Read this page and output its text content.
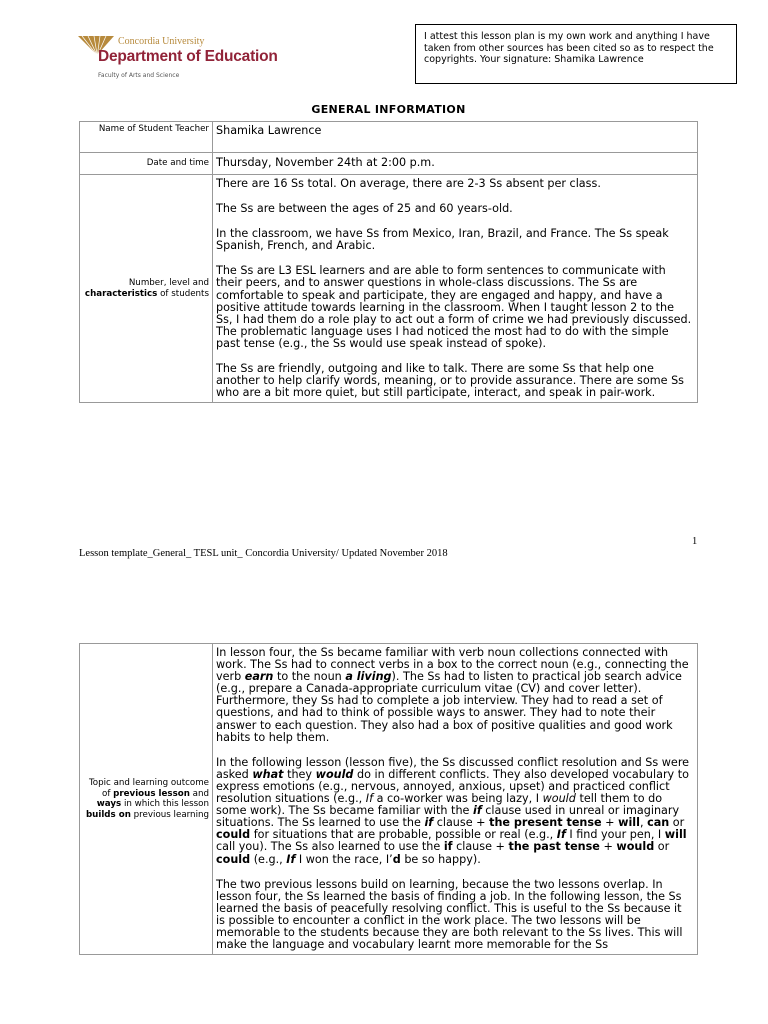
Concordia University
Department of Education
Faculty of Arts and Science
I attest this lesson plan is my own work and anything I have taken from other sources has been cited so as to respect the copyrights. Your signature: Shamika Lawrence
GENERAL INFORMATION
Name of Student Teacher	Shamika Lawrence
Date and time	Thursday, November 24th at 2:00 p.m.
Number, level and characteristics of students	There are 16 Ss total. On average, there are 2-3 Ss absent per class.

The Ss are between the ages of 25 and 60 years-old.

In the classroom, we have Ss from Mexico, Iran, Brazil, and France. The Ss speak Spanish, French, and Arabic.

The Ss are L3 ESL learners and are able to form sentences to communicate with their peers, and to answer questions in whole-class discussions. The Ss are comfortable to speak and participate, they are engaged and happy, and have a positive attitude towards learning in the classroom. When I taught lesson 2 to the Ss, I had them do a role play to act out a form of crime we had previously discussed. The problematic language uses I had noticed the most had to do with the simple past tense (e.g., the Ss would use speak instead of spoke).

The Ss are friendly, outgoing and like to talk. There are some Ss that help one another to help clarify words, meaning, or to provide assurance. There are some Ss who are a bit more quiet, but still participate, interact, and speak in pair-work.

1
Lesson template_General_ TESL unit_ Concordia University/ Updated November 2018
Topic and learning outcome of previous lesson and ways in which this lesson builds on previous learning	

In lesson four, the Ss became familiar with verb noun collections connected with work. The Ss had to connect verbs in a box to the correct noun (e.g., connecting the verb earn to the noun a living). The Ss had to listen to practical job search advice (e.g., prepare a Canada-appropriate curriculum vitae (CV) and cover letter). Furthermore, they Ss had to complete a job interview. They had to read a set of questions, and had to think of possible ways to answer. They had to note their answer to each question. They also had a box of positive qualities and good work habits to help them.

In the following lesson (lesson five), the Ss discussed conflict resolution and Ss were asked what they would do in different conflicts. They also developed vocabulary to express emotions (e.g., nervous, annoyed, anxious, upset) and practiced conflict resolution situations (e.g., If a co-worker was being lazy, I would tell them to do some work). The Ss became familiar with the if clause used in unreal or imaginary situations. The Ss learned to use the if clause + the present tense + will, can or could for situations that are probable, possible or real (e.g., If I find your pen, I will call you). The Ss also learned to use the if clause + the past tense + would or could (e.g., If I won the race, I’d be so happy).

The two previous lessons build on learning, because the two lessons overlap. In lesson four, the Ss learned the basis of finding a job. In the following lesson, the Ss learned the basis of peacefully resolving conflict. This is useful to the Ss because it is possible to encounter a conflict in the work place. The two lessons will be memorable to the students because they are both relevant to the Ss lives. This will make the language and vocabulary learnt more memorable for the Ss
